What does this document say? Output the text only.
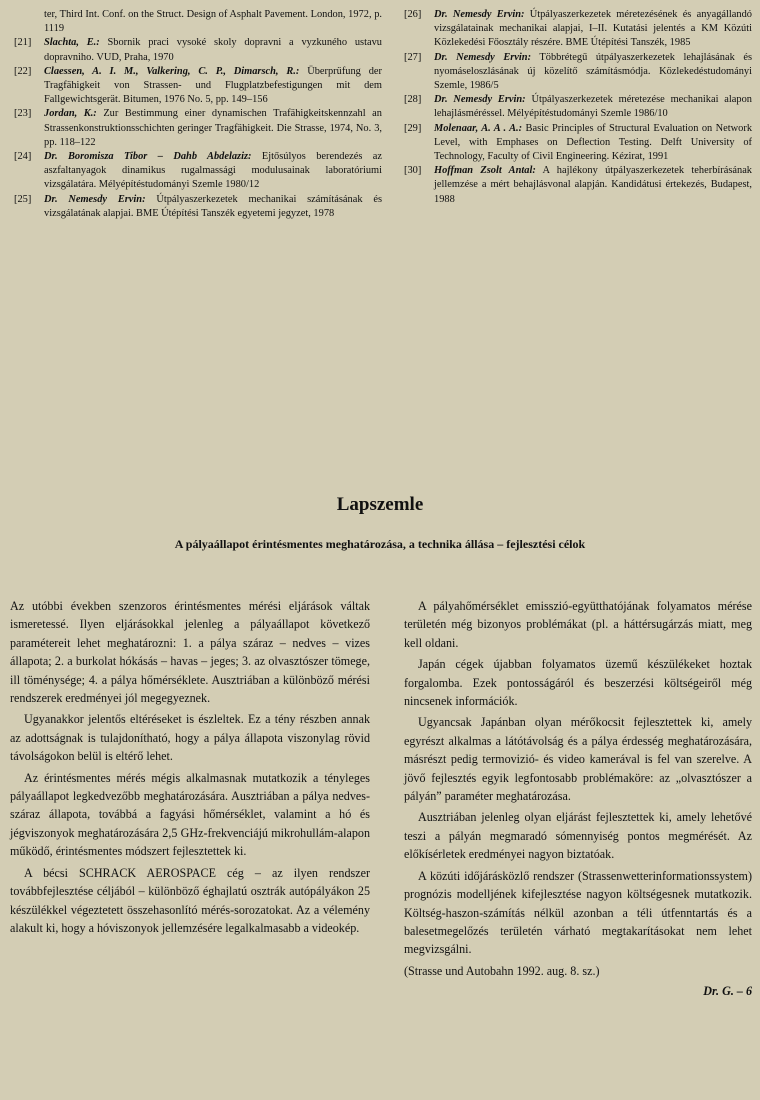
ter, Third Int. Conf. on the Struct. Design of Asphalt Pavement. London, 1972, p. 1119
[21] Slachta, E.: Sbornik praci vysoké skoly dopravni a vyzkuného ustavu dopravniho. VUD, Praha, 1970
[22] Claessen, A. I. M., Valkering, C. P., Dimarsch, R.: Überprüfung der Tragfähigkeit von Strassen- und Flugplatzbefestigungen mit dem Fallgewichtsgerät. Bitumen, 1976 No. 5, pp. 149–156
[23] Jordan, K.: Zur Bestimmung einer dynamischen Trafähigkeitskennzahl an Strassenkonstruktionsschichten geringer Tragfähigkeit. Die Strasse, 1974, No. 3, pp. 118–122
[24] Dr. Boromisza Tibor – Dahb Abdelaziz: Ejtősúlyos berendezés az aszfaltanyagok dinamikus rugalmassági modulusainak laboratóriumi vizsgálatára. Mélyépítéstudományi Szemle 1980/12
[25] Dr. Nemesdy Ervin: Útpályaszerkezetek mechanikai számításának és vizsgálatának alapjai. BME Útépítési Tanszék egyetemi jegyzet, 1978
[26] Dr. Nemesdy Ervin: Útpályaszerkezetek méretezésének és anyagállandó vizsgálatainak mechanikai alapjai, I–II. Kutatási jelentés a KM Közúti Közlekedési Főosztály részére. BME Útépítési Tanszék, 1985
[27] Dr. Nemesdy Ervin: Többrétegű útpályaszerkezetek lehajlásának és nyomáseloszlásának új közelítő számításmódja. Közlekedéstudományi Szemle, 1986/5
[28] Dr. Nemesdy Ervin: Útpályaszerkezetek méretezése mechanikai alapon lehajlásméréssel. Mélyépítéstudományi Szemle 1986/10
[29] Molenaar, A. A . A.: Basic Principles of Structural Evaluation on Network Level, with Emphases on Deflection Testing. Delft University of Technology, Faculty of Civil Engineering. Kézirat, 1991
[30] Hoffman Zsolt Antal: A hajlékony útpályaszerkezetek teherbírásának jellemzése a mért behajlásvonal alapján. Kandidátusi értekezés, Budapest, 1988
Lapszemle
A pályaállapot érintésmentes meghatározása, a technika állása – fejlesztési célok

Az utóbbi években szenzoros érintésmentes mérési eljárások váltak ismeretessé. Ilyen eljárásokkal jelenleg a pályaállapot következő paramétereit lehet meghatározni: 1. a pálya száraz – nedves – vizes állapota; 2. a burkolat hókásás – havas – jeges; 3. az olvasztószer tömege, ill töménysége; 4. a pálya hőmérséklete. Ausztriában a különböző mérési rendszerek eredményei jól megegyeznek.

Ugyanakkor jelentős eltéréseket is észleltek. Ez a tény részben annak az adottságnak is tulajdonítható, hogy a pálya állapota viszonylag rövid távolságokon belül is eltérő lehet.

Az érintésmentes mérés mégis alkalmasnak mutatkozik a tényleges pályaállapot legkedvezőbb meghatározására. Ausztriában a pálya nedves-száraz állapota, továbbá a fagyási hőmérséklet, valamint a hó és jégviszonyok meghatározására 2,5 GHz-frekvenciájú mikrohullám-alapon működő, érintésmentes módszert fejlesztettek ki.

A bécsi SCHRACK AEROSPACE cég – az ilyen rendszer továbbfejlesztése céljából – különböző éghajlatú osztrák autópályákon 25 készülékkel végeztetett összehasonlító mérés-sorozatokat. Az a vélemény alakult ki, hogy a hóviszonyok jellemzésére legalkalmasabb a videokép.

A pályahőmérséklet emisszió-együtthatójának folyamatos mérése területén még bizonyos problémákat (pl. a háttérsugárzás miatt, meg kell oldani.

Japán cégek újabban folyamatos üzemű készülékeket hoztak forgalomba. Ezek pontosságáról és beszerzési költségeiről még nincsenek információk.

Ugyancsak Japánban olyan mérőkocsit fejlesztettek ki, amely egyrészt alkalmas a látótávolság és a pálya érdesség meghatározására, másrészt pedig termovizió- és video kamerával is fel van szerelve. A jövő fejlesztés egyik legfontosabb problémaköre: az „olvasztószer a pályán” paraméter meghatározása.

Ausztriában jelenleg olyan eljárást fejlesztettek ki, amely lehetővé teszi a pályán megmaradó sómennyiség pontos megmérését. Az előkísérletek eredményei nagyon biztatóak.

A közúti időjárásközlő rendszer (Strassenwetterinformationssystem) prognózis modelljének kifejlesztése nagyon költségesnek mutatkozik. Költség-haszon-számítás nélkül azonban a téli útfenntartás és a balesetmegelőzés területén várható megtakarításokat nem lehet megvizsgálni.

(Strasse und Autobahn 1992. aug. 8. sz.)

Dr. G. – 6
